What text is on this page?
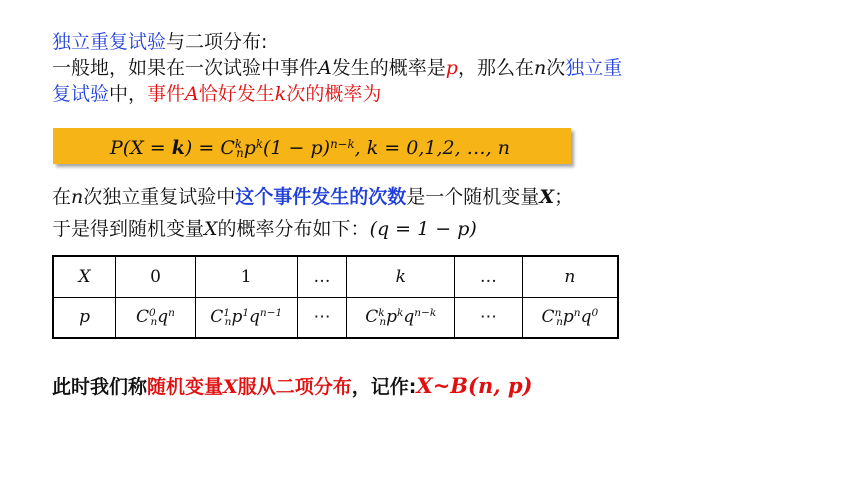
独立重复试验与二项分布:
一般地，如果在一次试验中事件A发生的概率是p，那么在n次独立重
复试验中，事件A恰好发生k次的概率为
$P(X = k) = C^k_np^k(1 - p)^{n-k}$, k = 0,1,2, …, n
在n次独立重复试验中这个事件发生的次数是一个随机变量X；
于是得到随机变量X的概率分布如下：(q = 1 − p)
X	0	1	…	k	…	n
p	$C^0_nq^n$	$C^1_np^1q^{n-1}$	⋯	$C^k_np^kq^{n-k}$	⋯	$C^n_np^nq^0$
此时我们称随机变量X服从二项分布，记作:X~B(n, p)
